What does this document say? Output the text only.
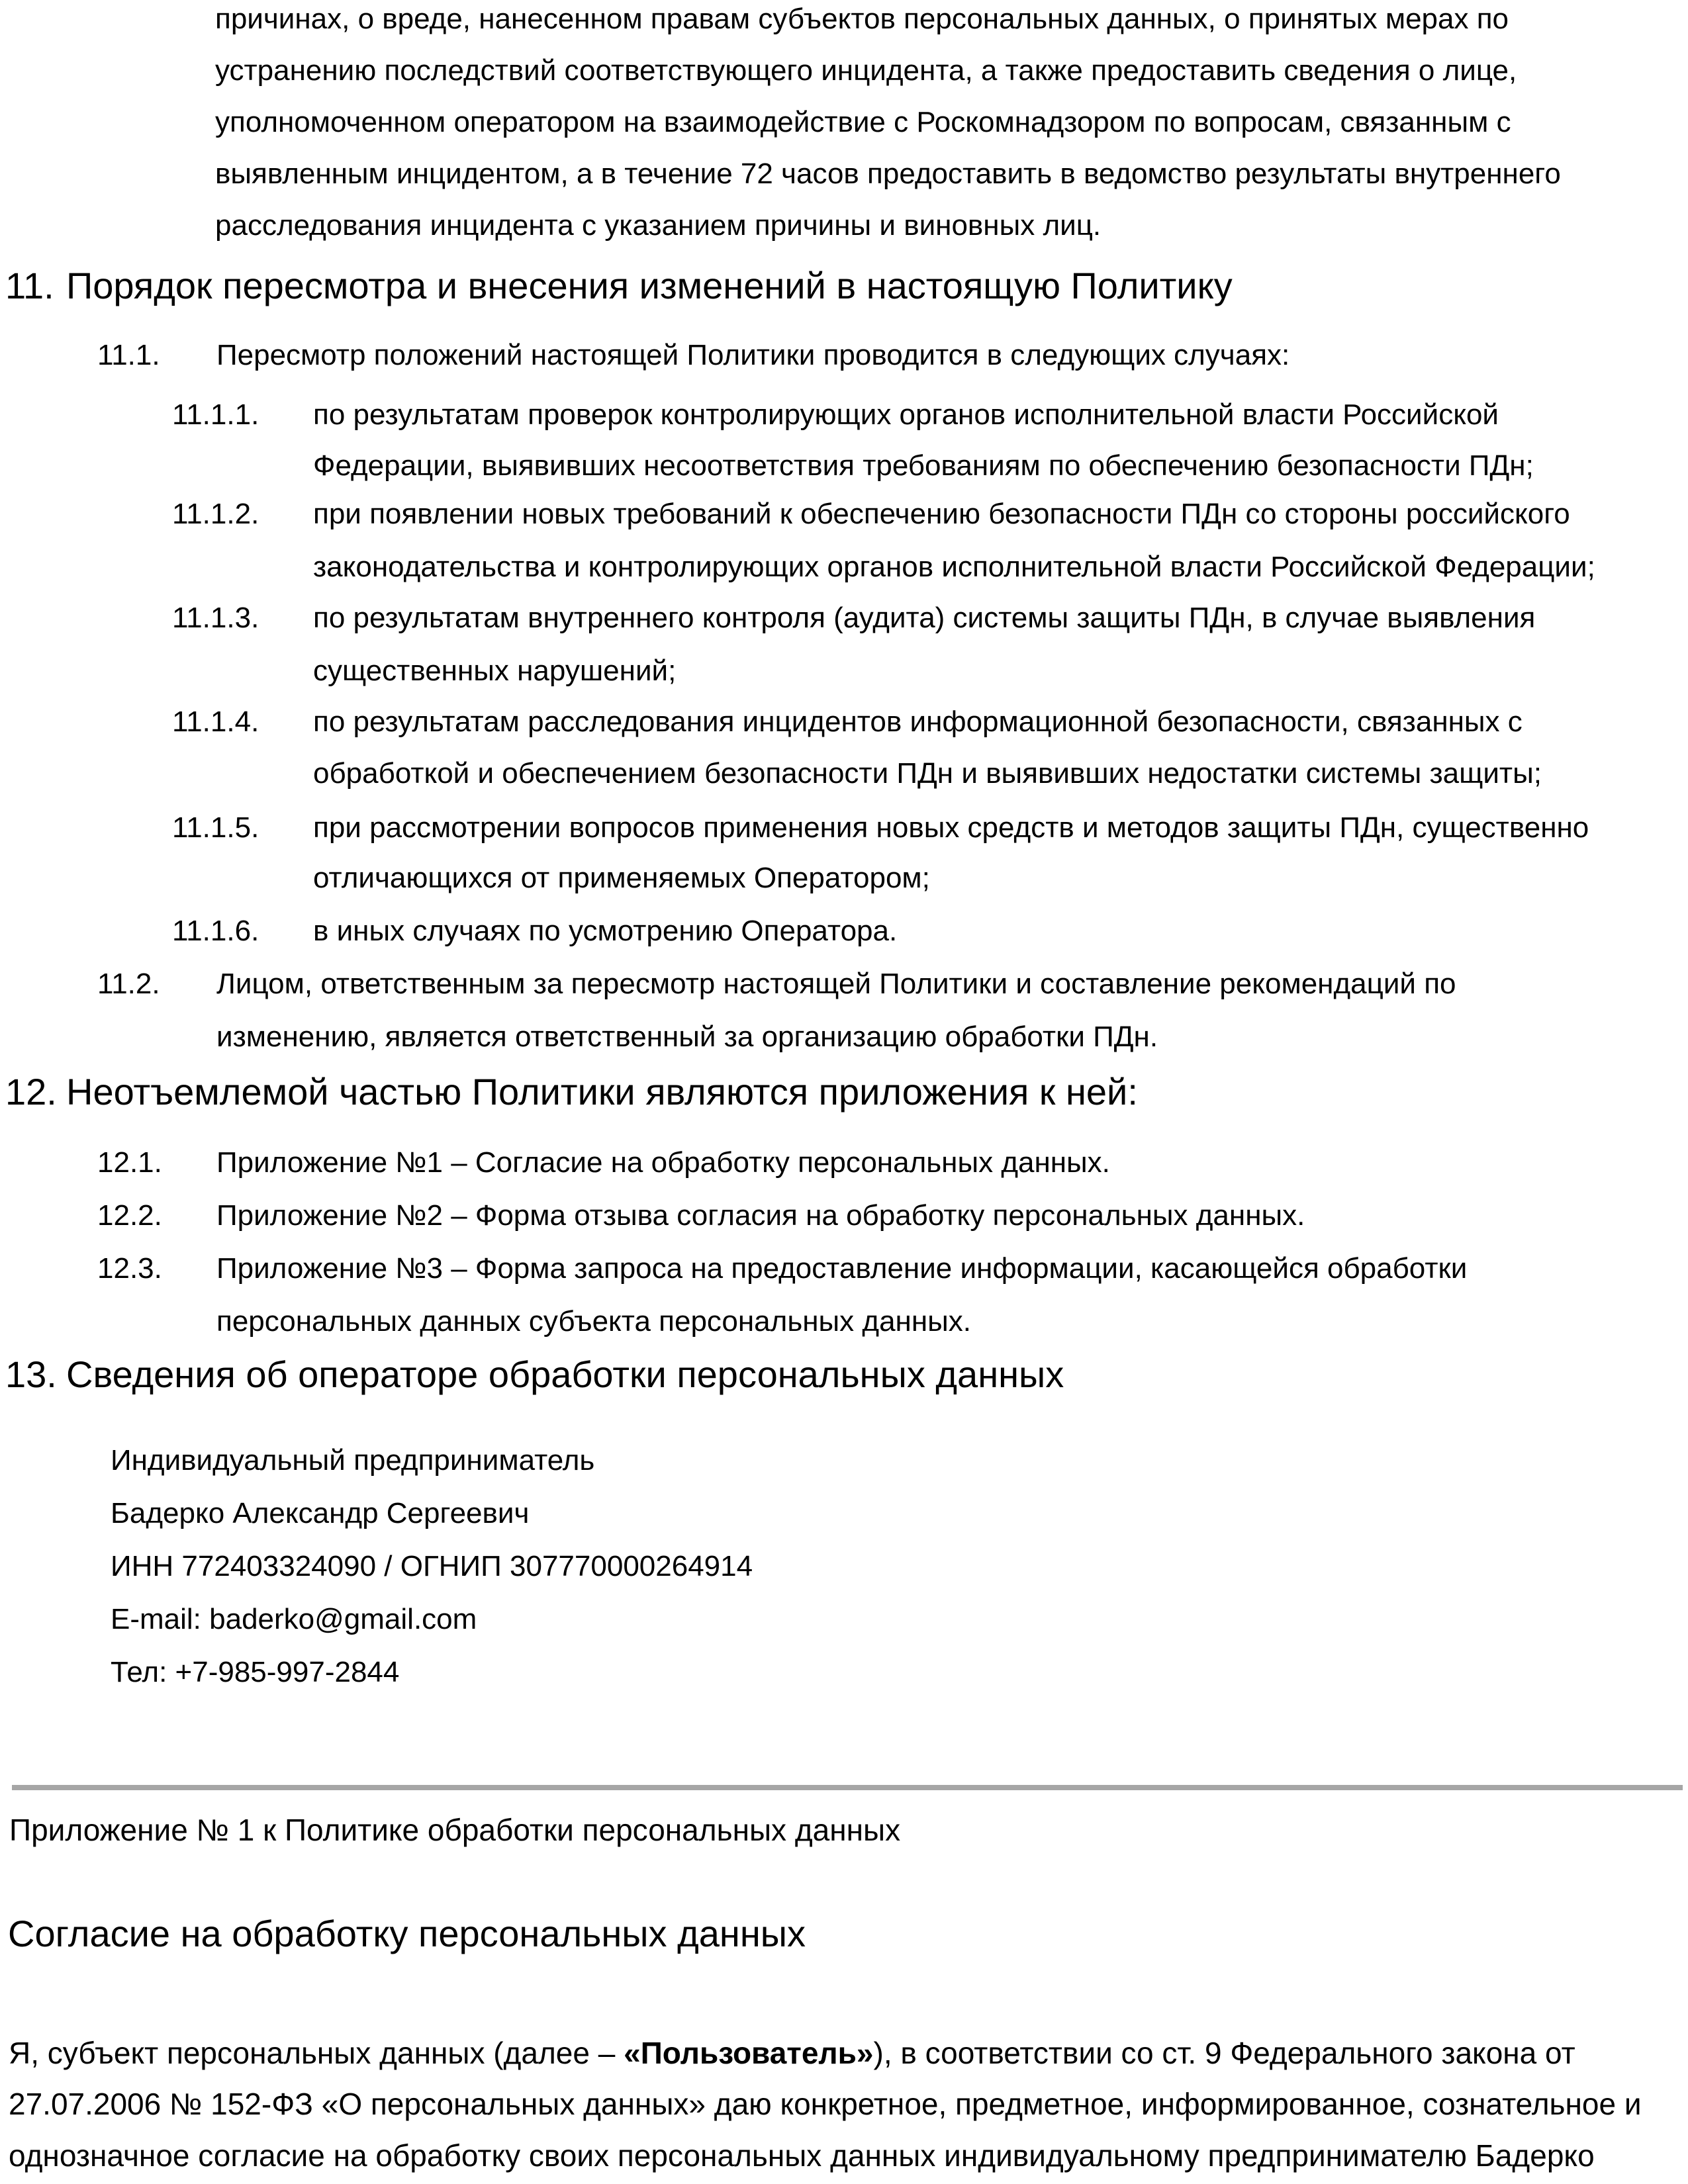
причинах, о вреде, нанесенном правам субъектов персональных данных, о принятых мерах по
устранению последствий соответствующего инцидента, а также предоставить сведения о лице,
уполномоченном оператором на взаимодействие с Роскомнадзором по вопросам, связанным с
выявленным инцидентом, а в течение 72 часов предоставить в ведомство результаты внутреннего
расследования инцидента с указанием причины и виновных лиц.
11. Порядок пересмотра и внесения изменений в настоящую Политику
11.1. Пересмотр положений настоящей Политики проводится в следующих случаях:
11.1.1. по результатам проверок контролирующих органов исполнительной власти Российской
Федерации, выявивших несоответствия требованиям по обеспечению безопасности ПДн;
11.1.2. при появлении новых требований к обеспечению безопасности ПДн со стороны российского
законодательства и контролирующих органов исполнительной власти Российской Федерации;
11.1.3. по результатам внутреннего контроля (аудита) системы защиты ПДн, в случае выявления
существенных нарушений;
11.1.4. по результатам расследования инцидентов информационной безопасности, связанных с
обработкой и обеспечением безопасности ПДн и выявивших недостатки системы защиты;
11.1.5. при рассмотрении вопросов применения новых средств и методов защиты ПДн, существенно
отличающихся от применяемых Оператором;
11.1.6. в иных случаях по усмотрению Оператора.
11.2. Лицом, ответственным за пересмотр настоящей Политики и составление рекомендаций по
изменению, является ответственный за организацию обработки ПДн.
12. Неотъемлемой частью Политики являются приложения к ней:
12.1. Приложение №1 – Согласие на обработку персональных данных.
12.2. Приложение №2 – Форма отзыва согласия на обработку персональных данных.
12.3. Приложение №3 – Форма запроса на предоставление информации, касающейся обработки
персональных данных субъекта персональных данных.
13. Сведения об операторе обработки персональных данных
Индивидуальный предприниматель
Бадерко Александр Сергеевич
ИНН 772403324090 / ОГНИП 307770000264914
E-mail: baderko@gmail.com
Тел: +7-985-997-2844
Приложение № 1 к Политике обработки персональных данных
Согласие на обработку персональных данных
Я, субъект персональных данных (далее – «Пользователь»), в соответствии со ст. 9 Федерального закона от
27.07.2006 № 152-ФЗ «О персональных данных» даю конкретное, предметное, информированное, сознательное и
однозначное согласие на обработку своих персональных данных индивидуальному предпринимателю Бадерко
